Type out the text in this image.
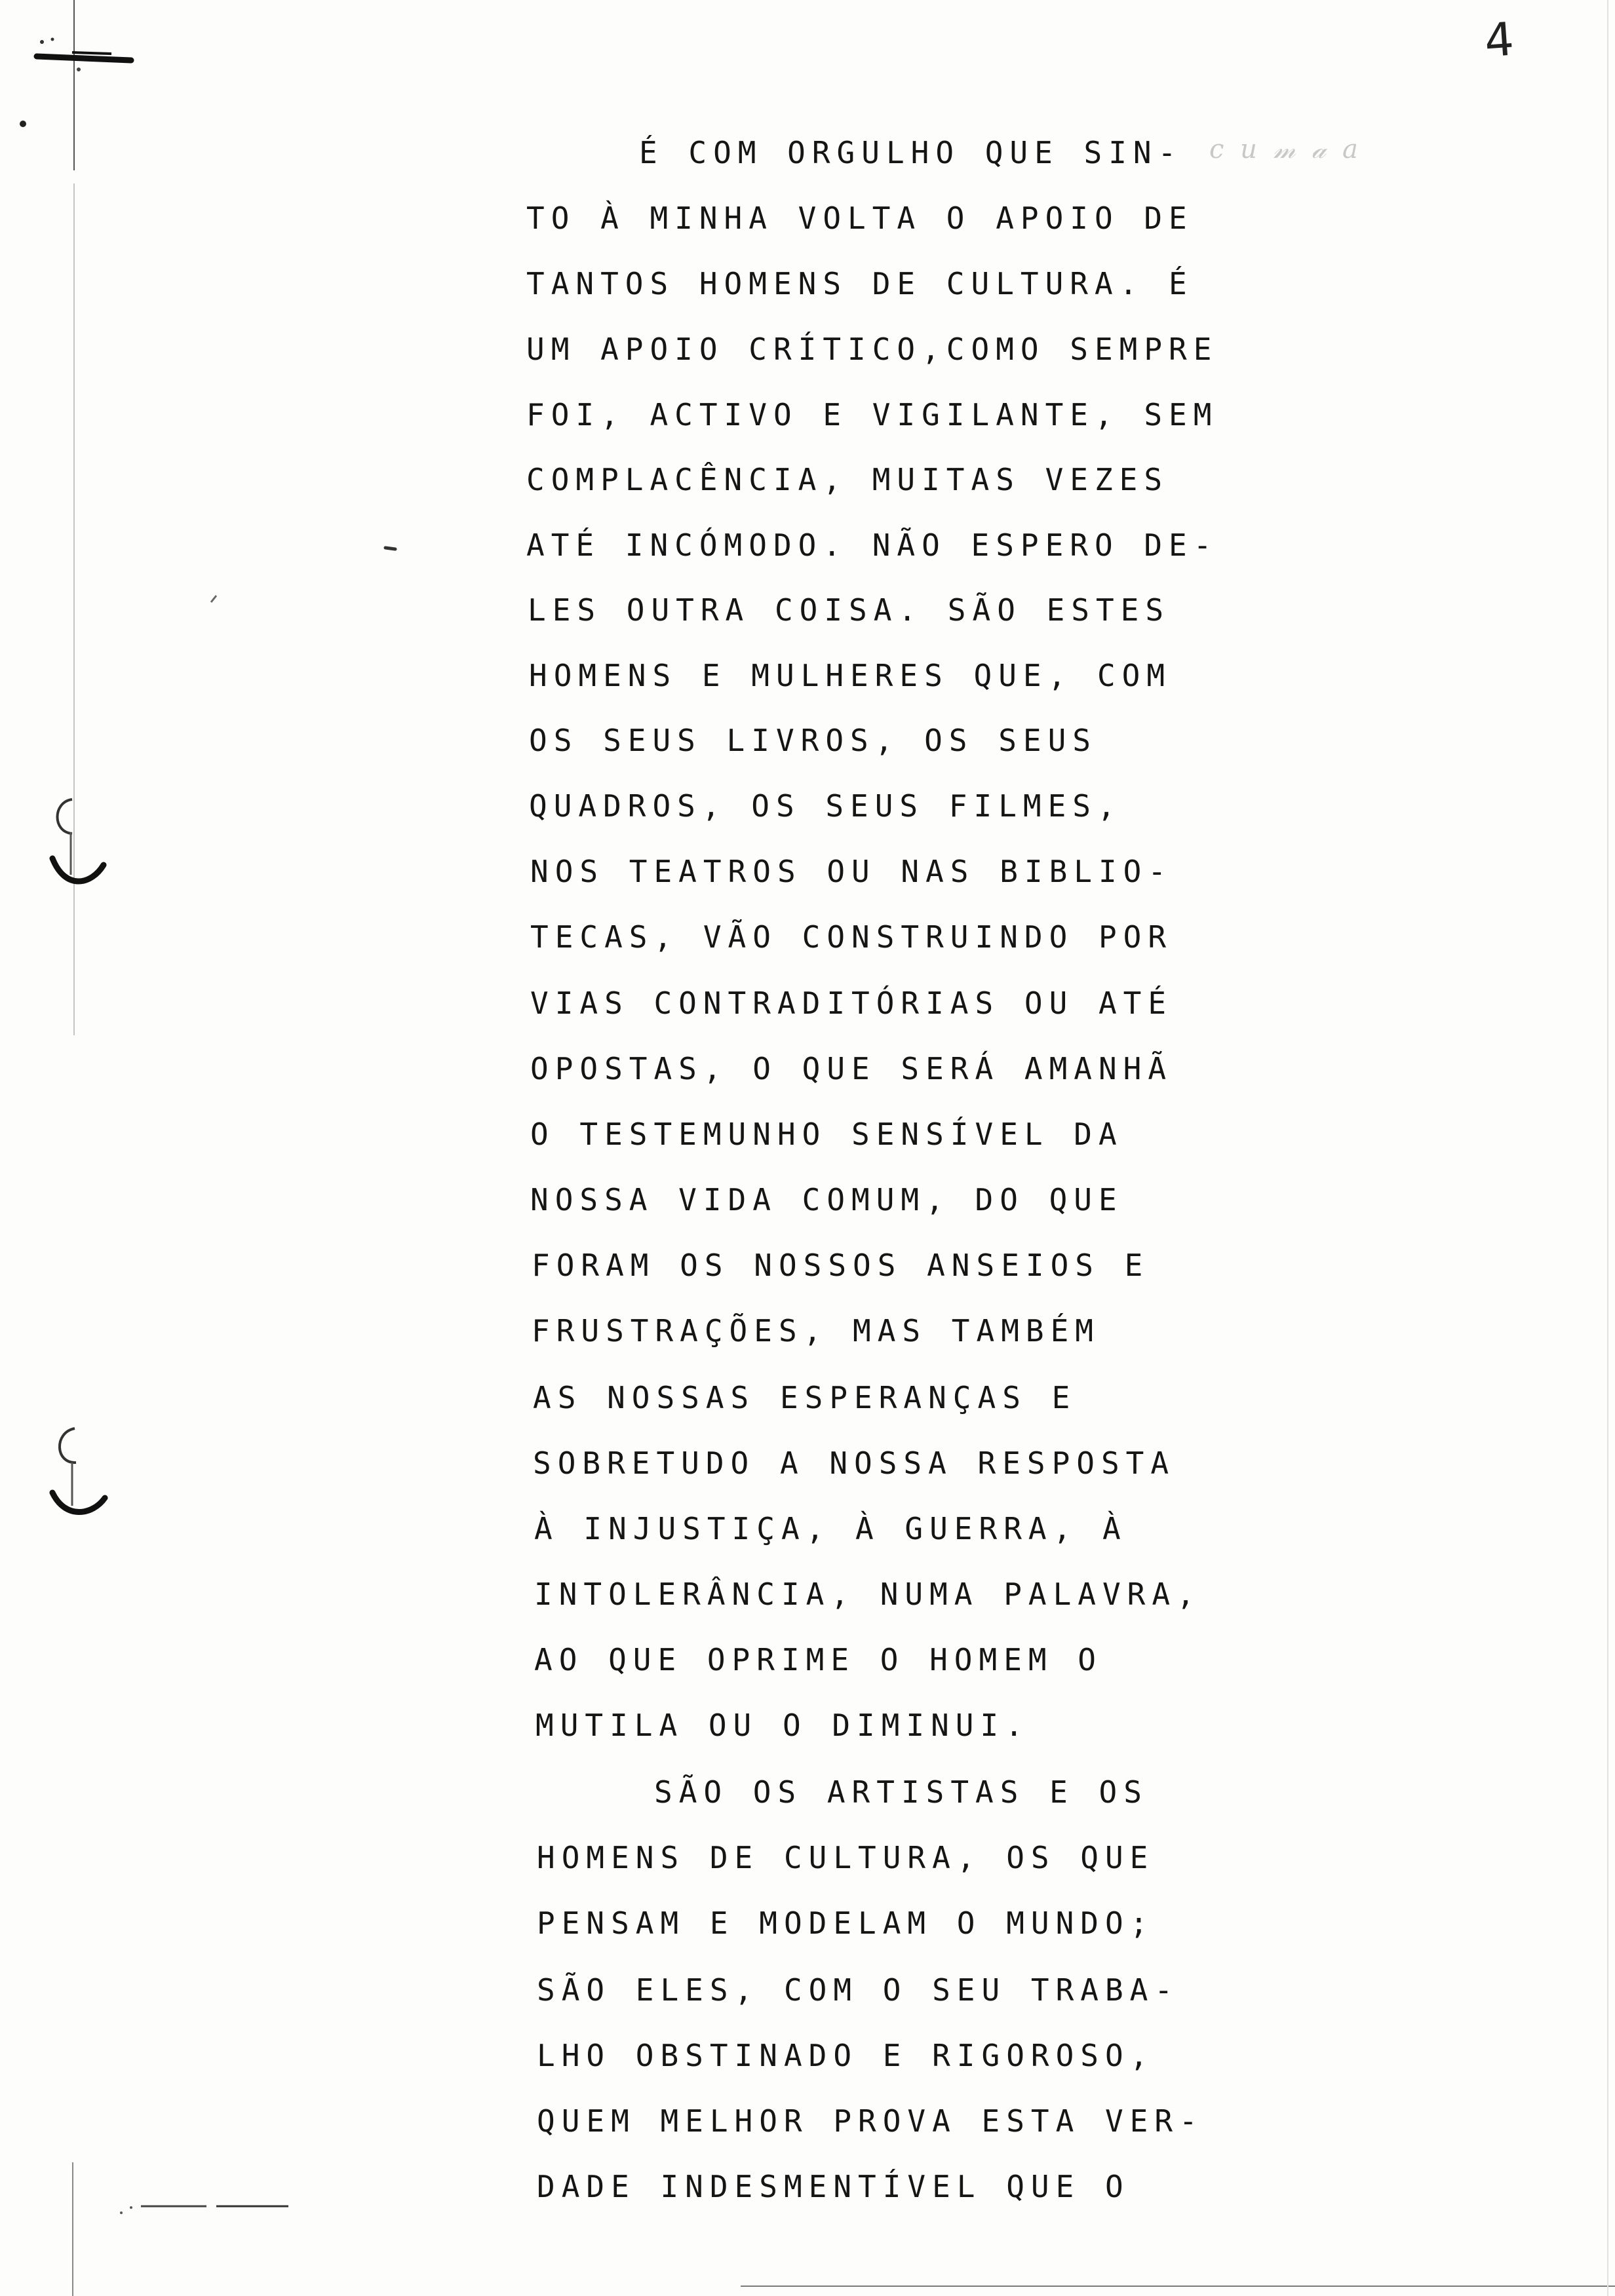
4
c u 𝓂 𝒶 a
É COM ORGULHO QUE SIN-
TO À MINHA VOLTA O APOIO DE
TANTOS HOMENS DE CULTURA. É
UM APOIO CRÍTICO,COMO SEMPRE
FOI, ACTIVO E VIGILANTE, SEM
COMPLACÊNCIA, MUITAS VEZES
ATÉ INCÓMODO. NÃO ESPERO DE-
LES OUTRA COISA. SÃO ESTES
HOMENS E MULHERES QUE, COM
OS SEUS LIVROS, OS SEUS
QUADROS, OS SEUS FILMES,
NOS TEATROS OU NAS BIBLIO-
TECAS, VÃO CONSTRUINDO POR
VIAS CONTRADITÓRIAS OU ATÉ
OPOSTAS, O QUE SERÁ AMANHÃ
O TESTEMUNHO SENSÍVEL DA
NOSSA VIDA COMUM, DO QUE
FORAM OS NOSSOS ANSEIOS E
FRUSTRAÇÕES, MAS TAMBÉM
AS NOSSAS ESPERANÇAS E
SOBRETUDO A NOSSA RESPOSTA
À INJUSTIÇA, À GUERRA, À
INTOLERÂNCIA, NUMA PALAVRA,
AO QUE OPRIME O HOMEM O
MUTILA OU O DIMINUI.
SÃO OS ARTISTAS E OS
HOMENS DE CULTURA, OS QUE
PENSAM E MODELAM O MUNDO;
SÃO ELES, COM O SEU TRABA-
LHO OBSTINADO E RIGOROSO,
QUEM MELHOR PROVA ESTA VER-
DADE INDESMENTÍVEL QUE O
